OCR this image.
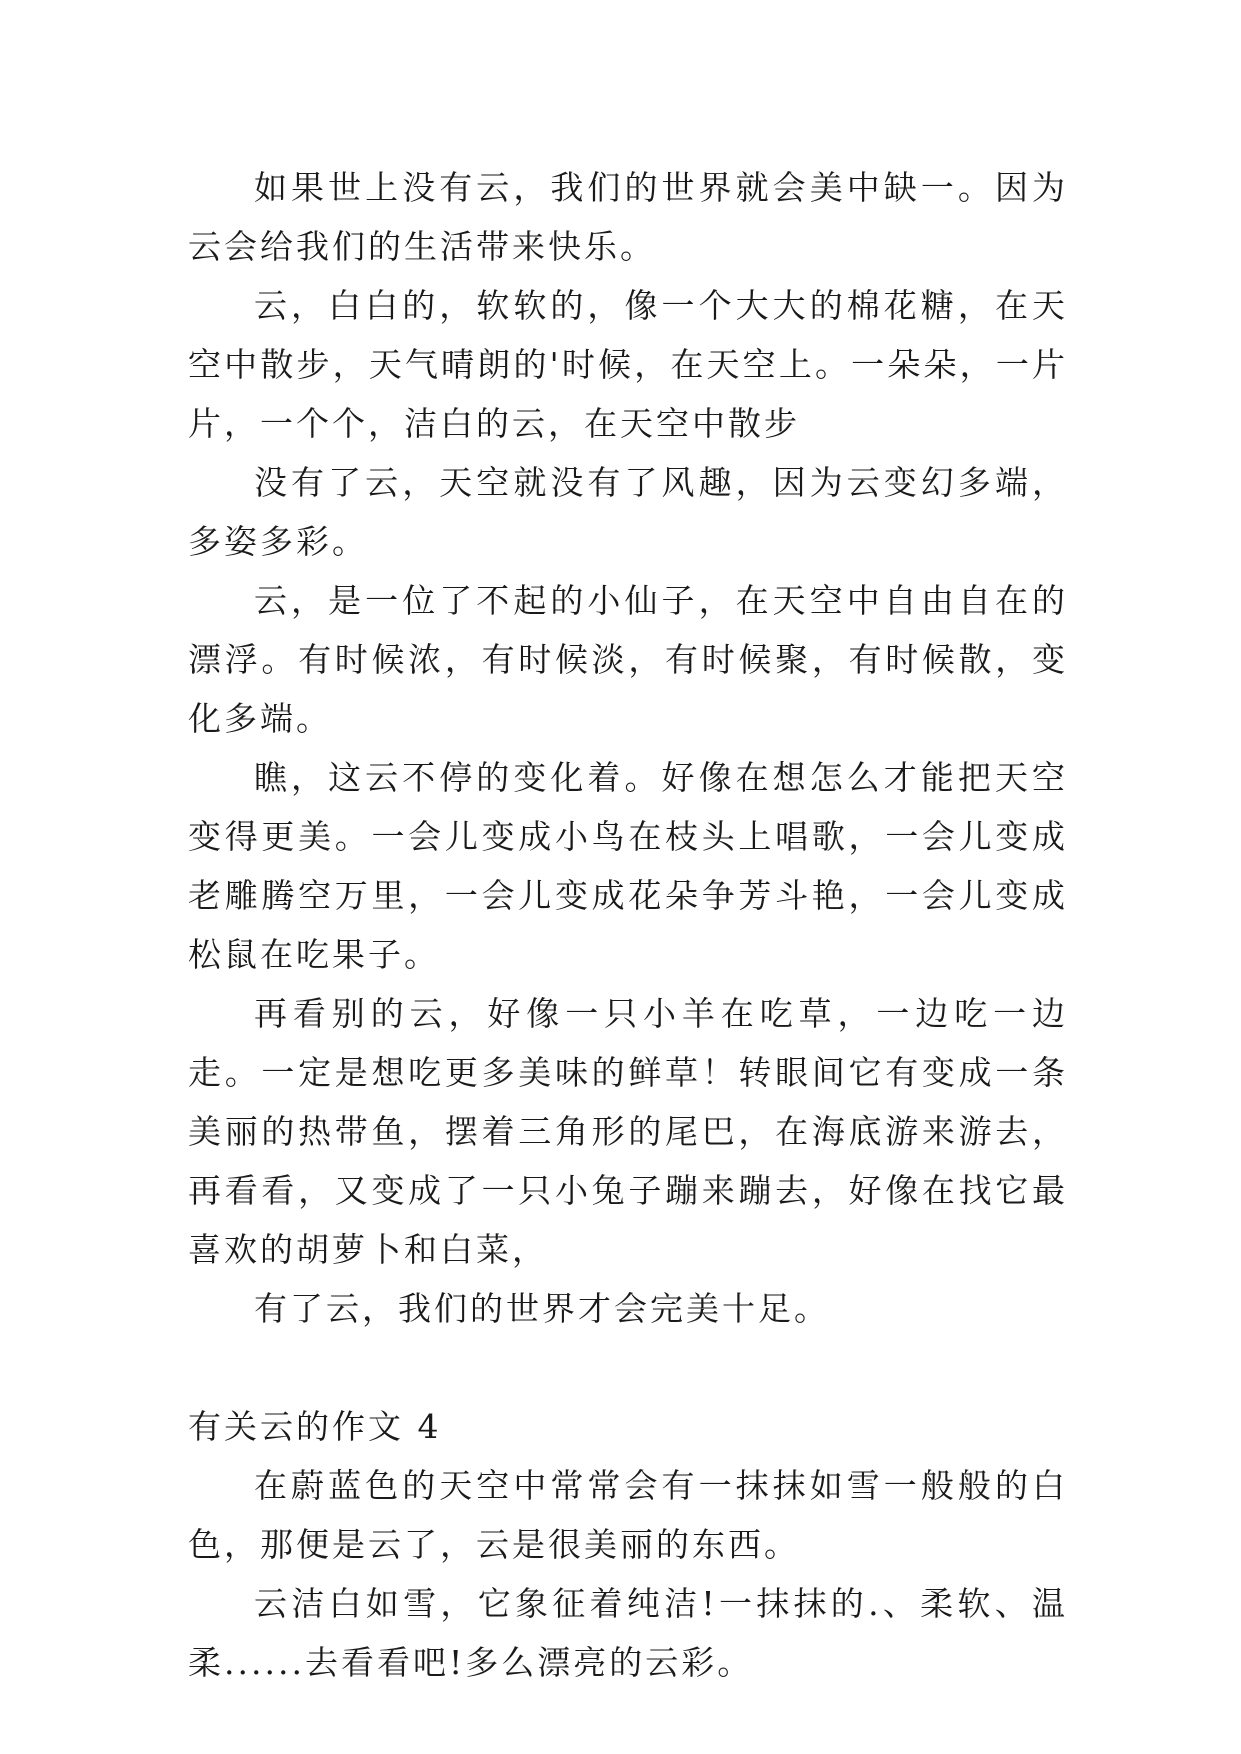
如果世上没有云，我们的世界就会美中缺一。因为云会给我们的生活带来快乐。

云，白白的，软软的，像一个大大的棉花糖，在天空中散步，天气晴朗的'时候，在天空上。一朵朵，一片片，一个个，洁白的云，在天空中散步

没有了云，天空就没有了风趣，因为云变幻多端，多姿多彩。

云，是一位了不起的小仙子，在天空中自由自在的漂浮。有时候浓，有时候淡，有时候聚，有时候散，变化多端。

瞧，这云不停的变化着。好像在想怎么才能把天空变得更美。一会儿变成小鸟在枝头上唱歌，一会儿变成老雕腾空万里，一会儿变成花朵争芳斗艳，一会儿变成松鼠在吃果子。

再看别的云，好像一只小羊在吃草，一边吃一边走。一定是想吃更多美味的鲜草！转眼间它有变成一条美丽的热带鱼，摆着三角形的尾巴，在海底游来游去，再看看，又变成了一只小兔子蹦来蹦去，好像在找它最喜欢的胡萝卜和白菜，

有了云，我们的世界才会完美十足。

有关云的作文 4

在蔚蓝色的天空中常常会有一抹抹如雪一般般的白色，那便是云了，云是很美丽的东西。

云洁白如雪，它象征着纯洁!一抹抹的.、柔软、温柔......去看看吧!多么漂亮的云彩。
